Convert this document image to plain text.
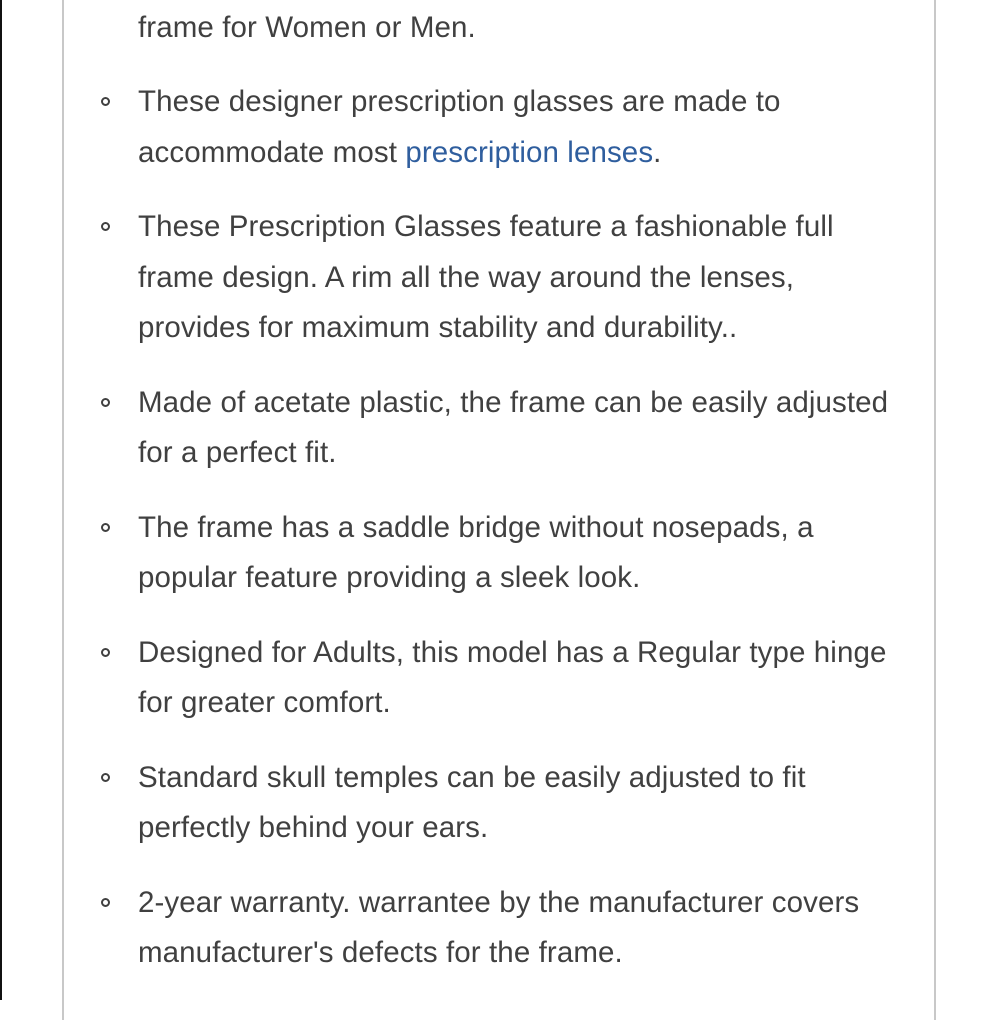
frame for Women or Men.
These designer prescription glasses are made to accommodate most prescription lenses.
These Prescription Glasses feature a fashionable full frame design. A rim all the way around the lenses, provides for maximum stability and durability..
Made of acetate plastic, the frame can be easily adjusted for a perfect fit.
The frame has a saddle bridge without nosepads, a popular feature providing a sleek look.
Designed for Adults, this model has a Regular type hinge for greater comfort.
Standard skull temples can be easily adjusted to fit perfectly behind your ears.
2-year warranty. warrantee by the manufacturer covers manufacturer's defects for the frame.
